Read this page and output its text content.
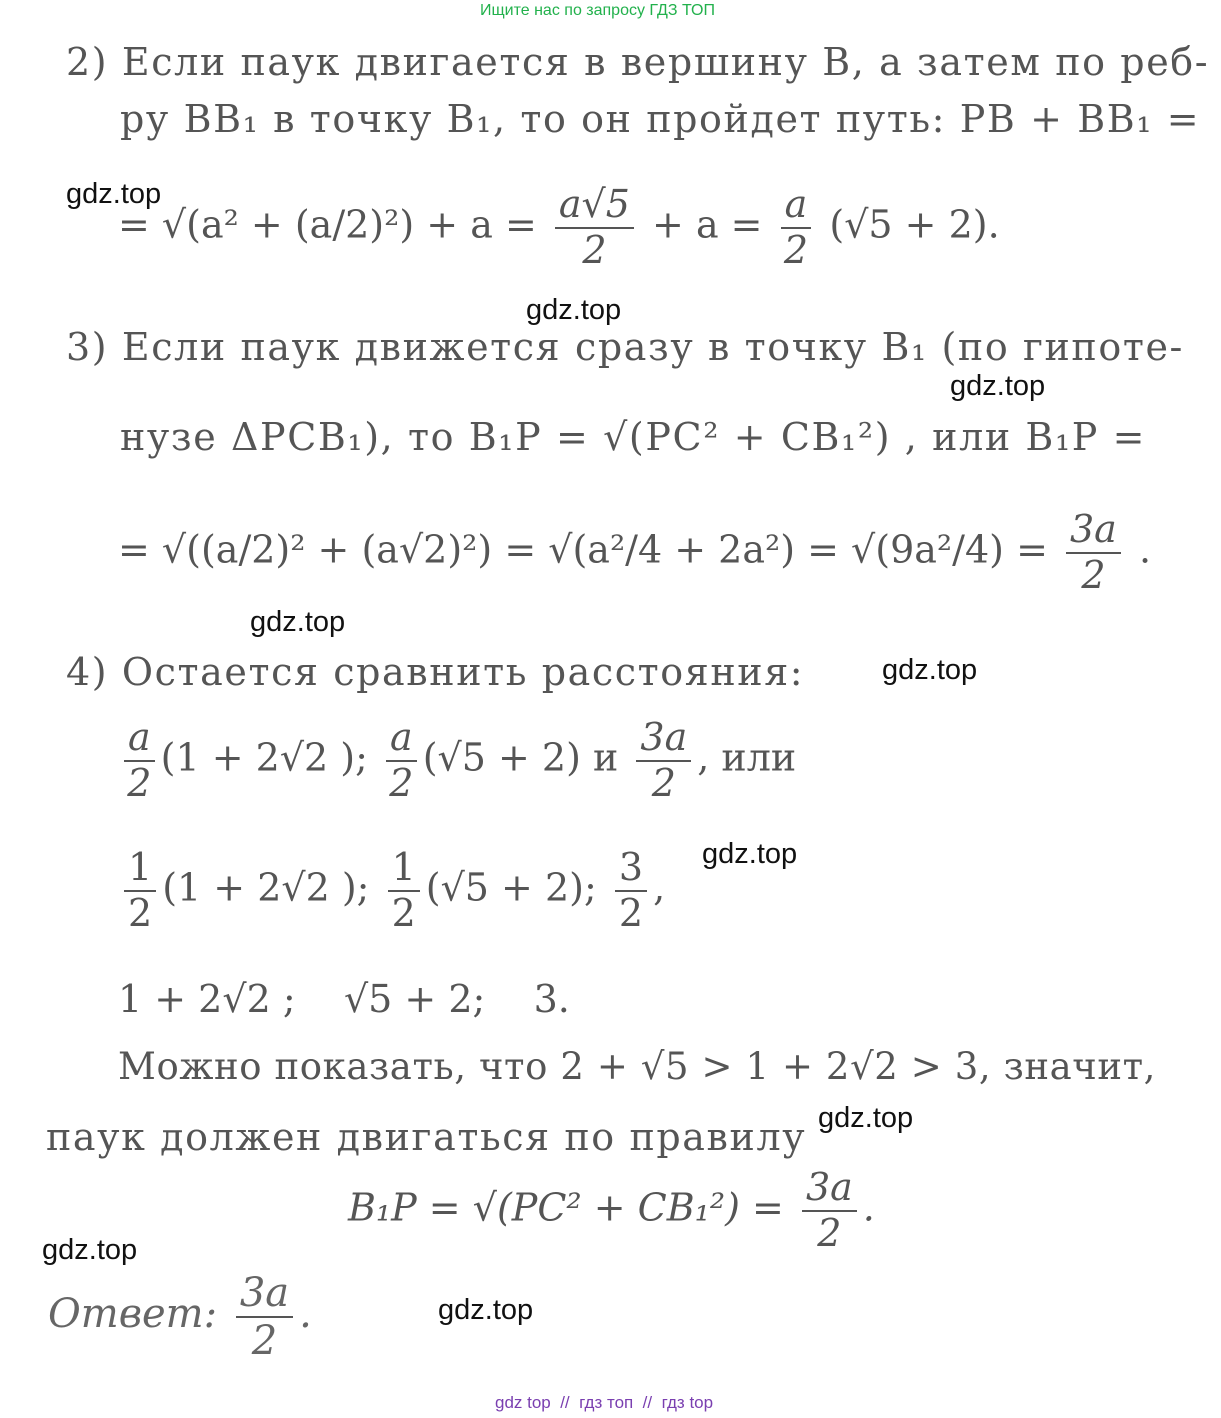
Ищите нас по запросу ГДЗ ТОП
2) Если паук двигается в вершину B, а затем по реб-
ру BB₁ в точку B₁, то он пройдет путь: PB + BB₁ =
= $√(a^2 + (a/2)^2) + a = \frac{a√5}{2} + a = \frac{a}{2} (√5 + 2)$.
3) Если паук движется сразу в точку B₁ (по гипоте-
нузе ΔPCB₁), то B₁P = √(PC² + CB₁²) , или B₁P =
= $√((a/2)^2 + (a√2)^2) = √(a^2/4 + 2a^2) = √(9a^2/4) = \frac{3a}{2}$ .
4) Остается сравнить расстояния:
$\frac{a}{2} (1 + 2√2$ ); $\frac{a}{2} (√5 + 2)$ и $\frac{3a}{2}$ , или
$\frac{1}{2} (1 + 2√2$ ); $\frac{1}{2} (√5 + 2)$; $\frac{3}{2}$ ,
1 + 2√2 ;    √5 + 2;    3.
Можно показать, что 2 + √5 > 1 + 2√2 > 3, значит,
паук должен двигаться по правилу
$B_1P = √(PC^2 + CB_1^2) = \frac{3a}{2}$ .
Ответ: $\frac{3a}{2}$ .
gdz.top
gdz.top
gdz.top
gdz.top
gdz.top
gdz.top
gdz.top
gdz.top
gdz.top
gdz top  //  гдз топ  //  гдз top
